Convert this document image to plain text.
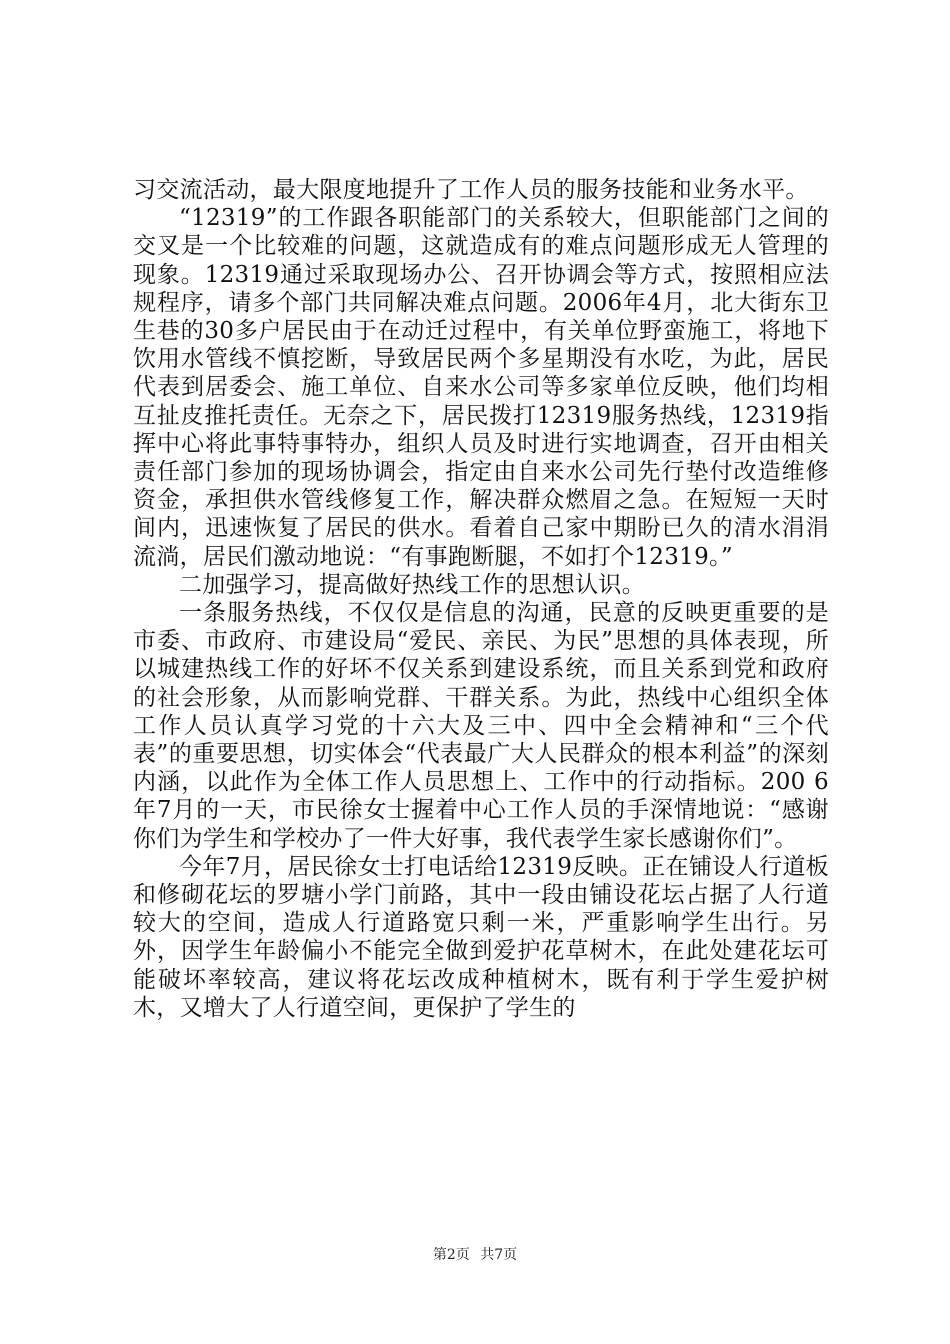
习交流活动，最大限度地提升了工作人员的服务技能和业务水平。

“12319”的工作跟各职能部门的关系较大，但职能部门之间的交叉是一个比较难的问题，这就造成有的难点问题形成无人管理的现象。12319通过采取现场办公、召开协调会等方式，按照相应法规程序，请多个部门共同解决难点问题。2006年4月，北大街东卫生巷的30多户居民由于在动迁过程中，有关单位野蛮施工，将地下饮用水管线不慎挖断，导致居民两个多星期没有水吃，为此，居民代表到居委会、施工单位、自来水公司等多家单位反映，他们均相互扯皮推托责任。无奈之下，居民拨打12319服务热线，12319指挥中心将此事特事特办，组织人员及时进行实地调查，召开由相关责任部门参加的现场协调会，指定由自来水公司先行垫付改造维修资金，承担供水管线修复工作，解决群众燃眉之急。在短短一天时间内，迅速恢复了居民的供水。看着自己家中期盼已久的清水涓涓流淌，居民们激动地说：“有事跑断腿，不如打个12319。”

二加强学习，提高做好热线工作的思想认识。

一条服务热线，不仅仅是信息的沟通，民意的反映更重要的是市委、市政府、市建设局“爱民、亲民、为民”思想的具体表现，所以城建热线工作的好坏不仅关系到建设系统，而且关系到党和政府的社会形象，从而影响党群、干群关系。为此，热线中心组织全体工作人员认真学习党的十六大及三中、四中全会精神和“三个代表”的重要思想，切实体会“代表最广大人民群众的根本利益”的深刻内涵，以此作为全体工作人员思想上、工作中的行动指标。200 6年7月的一天，市民徐女士握着中心工作人员的手深情地说：“感谢你们为学生和学校办了一件大好事，我代表学生家长感谢你们”。

今年7月，居民徐女士打电话给12319反映。正在铺设人行道板和修砌花坛的罗塘小学门前路，其中一段由铺设花坛占据了人行道较大的空间，造成人行道路宽只剩一米，严重影响学生出行。另外，因学生年龄偏小不能完全做到爱护花草树木，在此处建花坛可能破坏率较高，建议将花坛改成种植树木，既有利于学生爱护树木，又增大了人行道空间，更保护了学生的

第2页 共7页
